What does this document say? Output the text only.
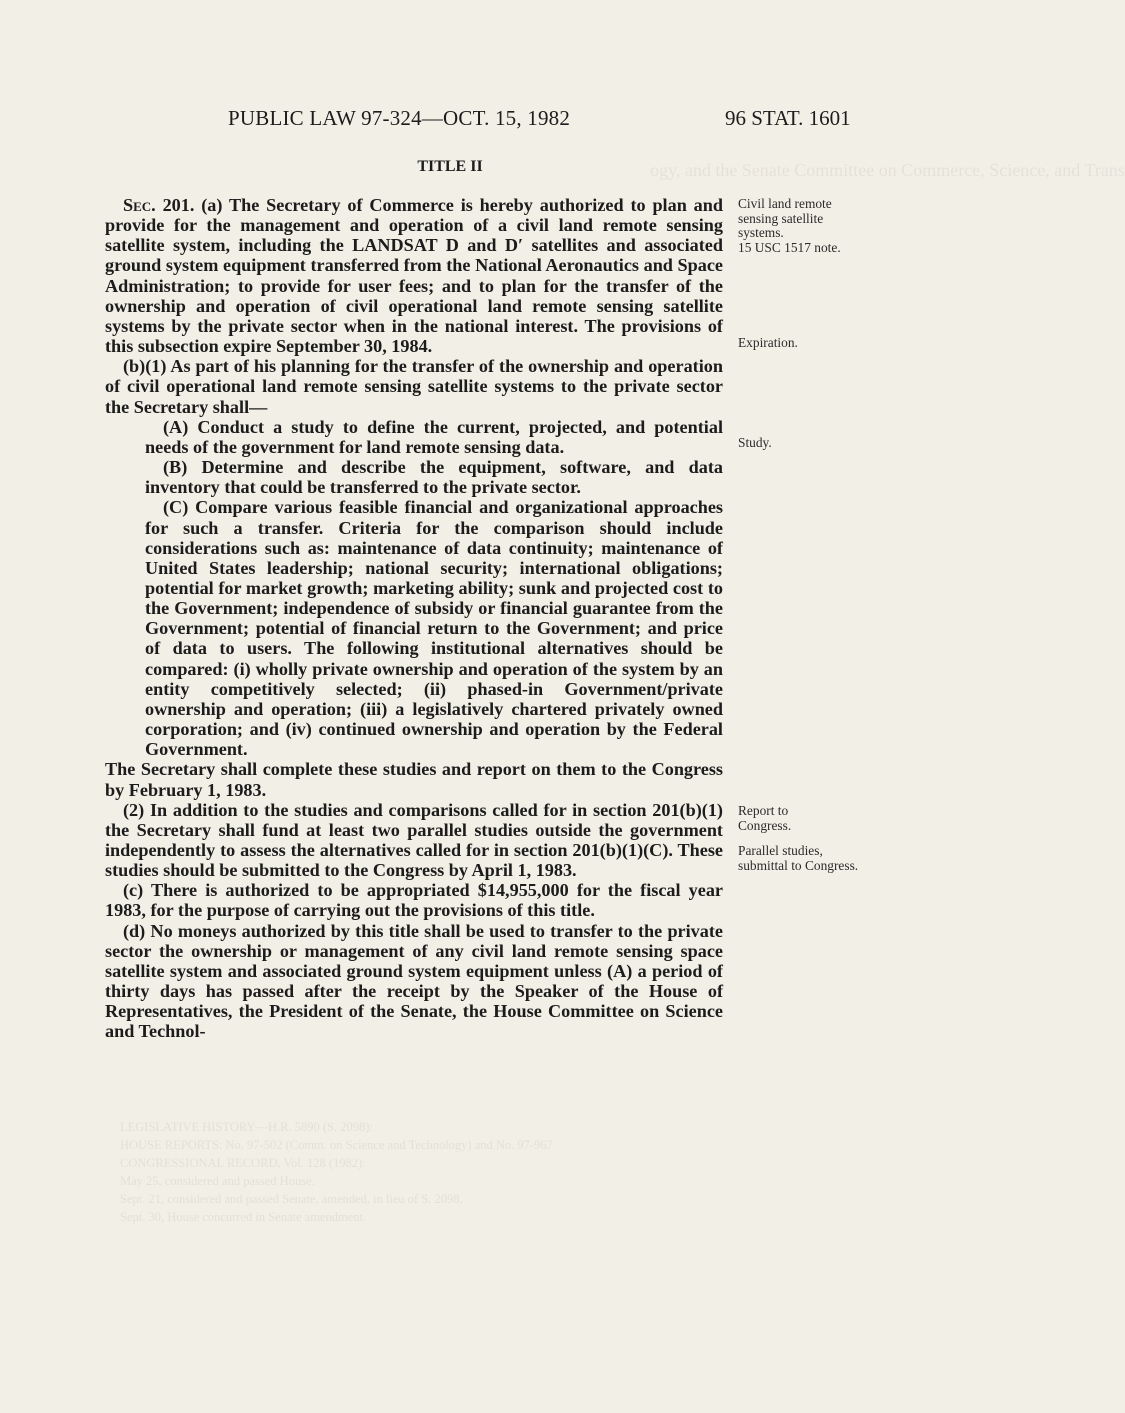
ogy, and the Senate Committee on Commerce, Science, and Trans
PUBLIC LAW 97-324—OCT. 15, 1982	96 STAT. 1601
TITLE II

Sec. 201. (a) The Secretary of Commerce is hereby authorized to plan and provide for the management and operation of a civil land remote sensing satellite system, including the LANDSAT D and D′ satellites and associated ground system equipment transferred from the National Aeronautics and Space Administration; to provide for user fees; and to plan for the transfer of the ownership and operation of civil operational land remote sensing satellite systems by the private sector when in the national interest. The provisions of this subsection expire September 30, 1984.

(b)(1) As part of his planning for the transfer of the ownership and operation of civil operational land remote sensing satellite systems to the private sector the Secretary shall—

(A) Conduct a study to define the current, projected, and potential needs of the government for land remote sensing data.

(B) Determine and describe the equipment, software, and data inventory that could be transferred to the private sector.

(C) Compare various feasible financial and organizational approaches for such a transfer. Criteria for the comparison should include considerations such as: maintenance of data continuity; maintenance of United States leadership; national security; international obligations; potential for market growth; marketing ability; sunk and projected cost to the Government; independence of subsidy or financial guarantee from the Government; potential of financial return to the Government; and price of data to users. The following institutional alternatives should be compared: (i) wholly private ownership and operation of the system by an entity competitively selected; (ii) phased-in Government/private ownership and operation; (iii) a legislatively chartered privately owned corporation; and (iv) continued ownership and operation by the Federal Government.

The Secretary shall complete these studies and report on them to the Congress by February 1, 1983.

(2) In addition to the studies and comparisons called for in section 201(b)(1) the Secretary shall fund at least two parallel studies outside the government independently to assess the alternatives called for in section 201(b)(1)(C). These studies should be submitted to the Congress by April 1, 1983.

(c) There is authorized to be appropriated $14,955,000 for the fiscal year 1983, for the purpose of carrying out the provisions of this title.

(d) No moneys authorized by this title shall be used to transfer to the private sector the ownership or management of any civil land remote sensing space satellite system and associated ground system equipment unless (A) a period of thirty days has passed after the receipt by the Speaker of the House of Representatives, the President of the Senate, the House Committee on Science and Technol-

Civil land remote sensing satellite systems.
15 USC 1517 note.
Expiration.
Study.
Report to Congress.
Parallel studies, submittal to Congress.
LEGISLATIVE HISTORY—H.R. 5890 (S. 2098):
HOUSE REPORTS: No. 97-502 (Comm. on Science and Technology) and No. 97-967
CONGRESSIONAL RECORD, Vol. 128 (1982):
May 25, considered and passed House.
Sept. 21, considered and passed Senate, amended, in lieu of S. 2098.
Sept. 30, House concurred in Senate amendment.
